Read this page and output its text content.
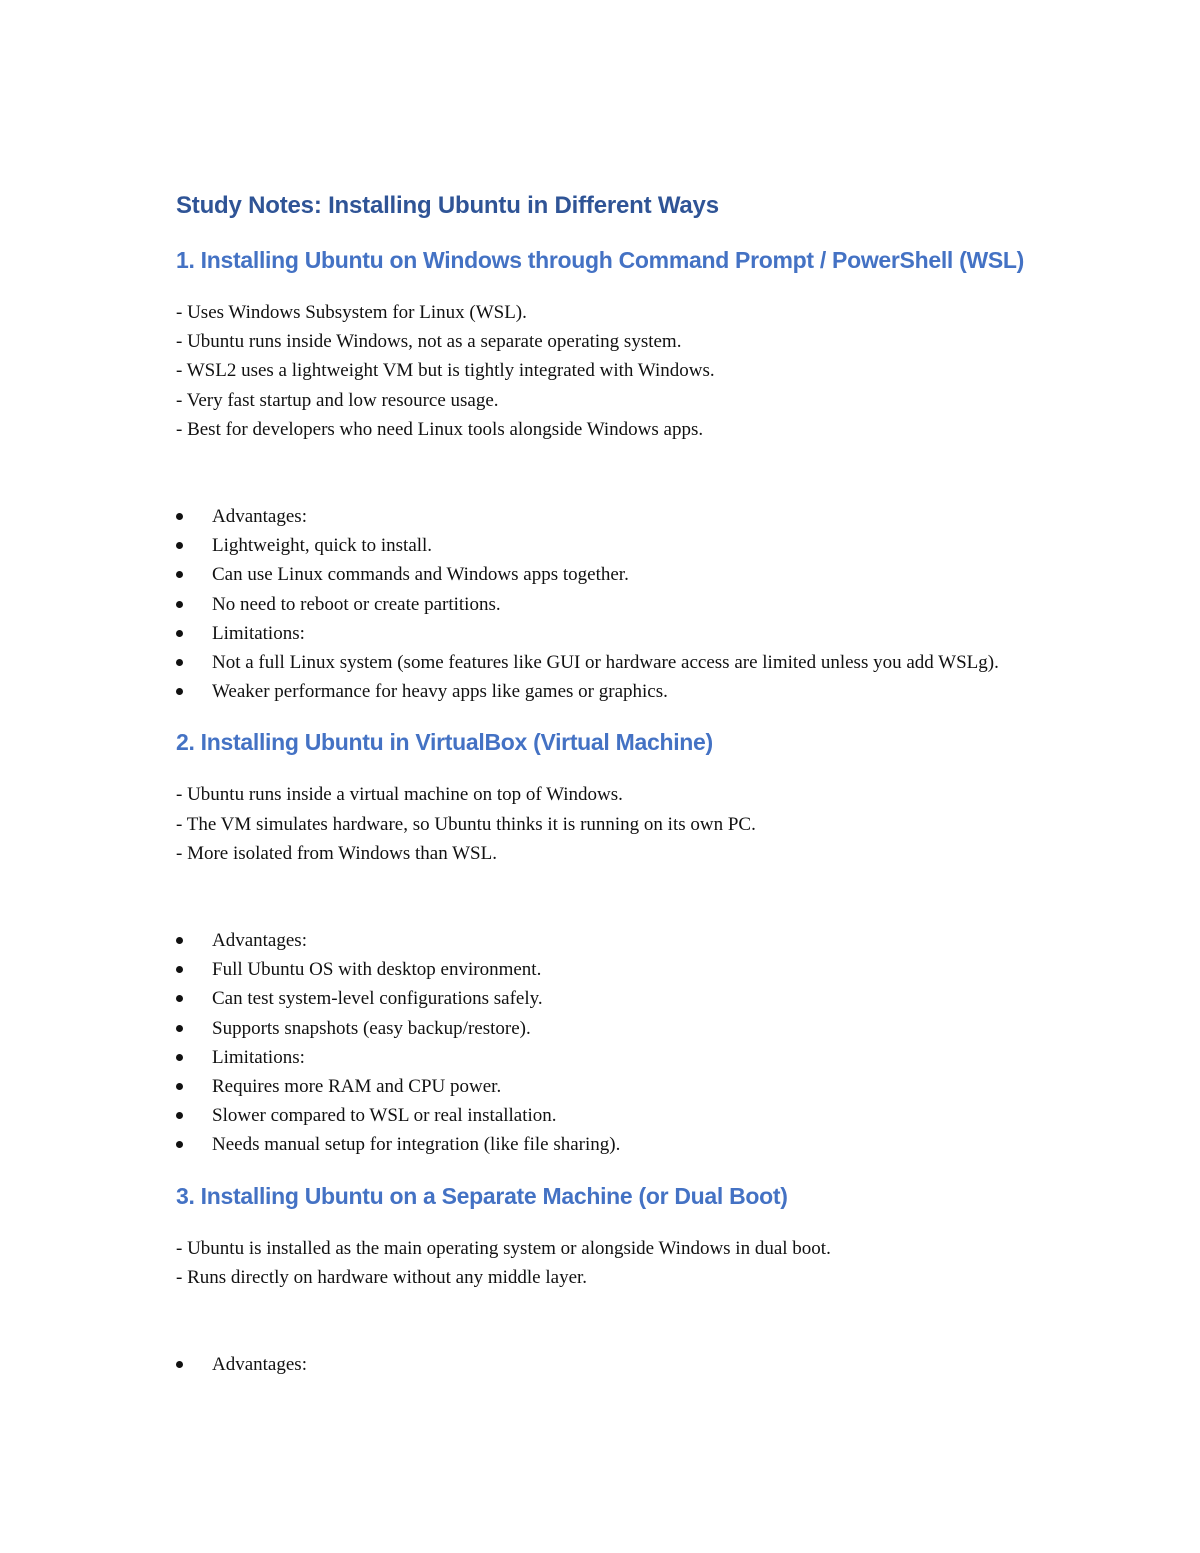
Study Notes: Installing Ubuntu in Different Ways
1. Installing Ubuntu on Windows through Command Prompt / PowerShell (WSL)

- Uses Windows Subsystem for Linux (WSL).

- Ubuntu runs inside Windows, not as a separate operating system.

- WSL2 uses a lightweight VM but is tightly integrated with Windows.

- Very fast startup and low resource usage.

- Best for developers who need Linux tools alongside Windows apps.

Advantages:
Lightweight, quick to install.
Can use Linux commands and Windows apps together.
No need to reboot or create partitions.
Limitations:
Not a full Linux system (some features like GUI or hardware access are limited unless you add WSLg).
Weaker performance for heavy apps like games or graphics.
2. Installing Ubuntu in VirtualBox (Virtual Machine)

- Ubuntu runs inside a virtual machine on top of Windows.

- The VM simulates hardware, so Ubuntu thinks it is running on its own PC.

- More isolated from Windows than WSL.

Advantages:
Full Ubuntu OS with desktop environment.
Can test system-level configurations safely.
Supports snapshots (easy backup/restore).
Limitations:
Requires more RAM and CPU power.
Slower compared to WSL or real installation.
Needs manual setup for integration (like file sharing).
3. Installing Ubuntu on a Separate Machine (or Dual Boot)

- Ubuntu is installed as the main operating system or alongside Windows in dual boot.

- Runs directly on hardware without any middle layer.

Advantages:
